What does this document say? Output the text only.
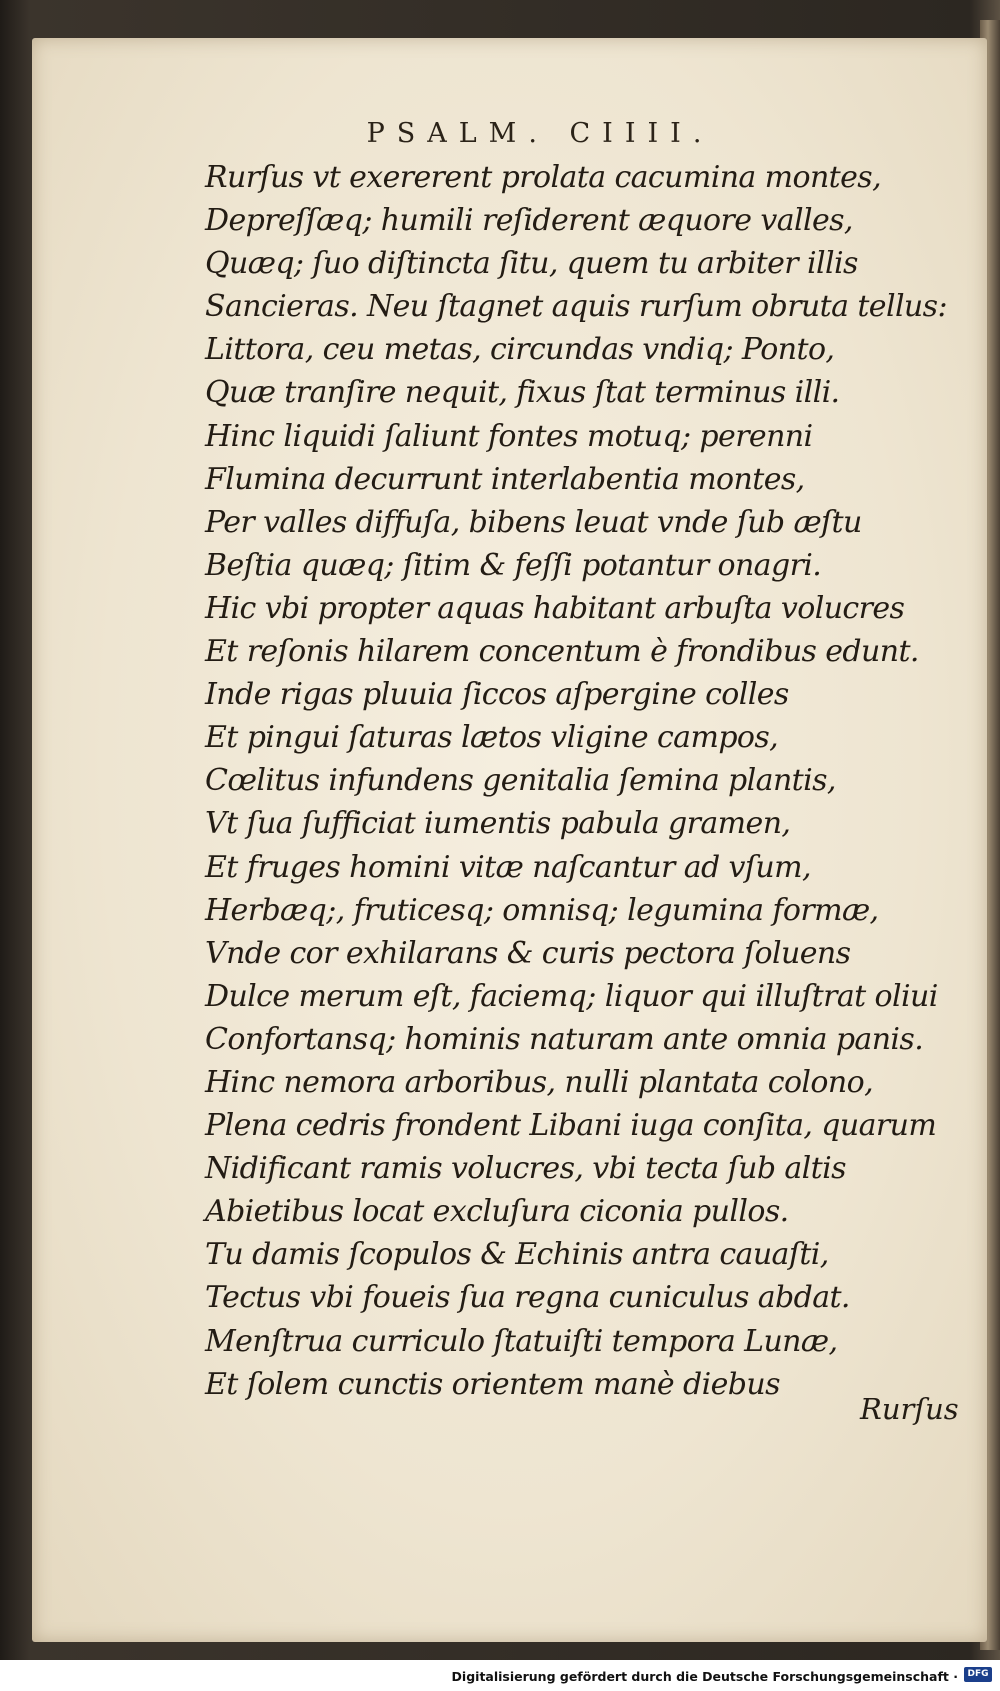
PSALM. CIIII.
Rurſus vt exererent prolata cacumina montes,
Depreſſæq; humili reſiderent æquore valles,
Quæq; ſuo diſtincta ſitu, quem tu arbiter illis
Sancieras. Neu ſtagnet aquis rurſum obruta tellus:
Littora, ceu metas, circundas vndiq; Ponto,
Quæ tranſire nequit, fixus ſtat terminus illi.
Hinc liquidi ſaliunt fontes motuq; perenni
Flumina decurrunt interlabentia montes,
Per valles diffuſa, bibens leuat vnde ſub æſtu
Beſtia quæq; ſitim & feſſi potantur onagri.
Hic vbi propter aquas habitant arbuſta volucres
Et reſonis hilarem concentum è frondibus edunt.
Inde rigas pluuia ſiccos aſpergine colles
Et pingui ſaturas lætos vligine campos,
Cœlitus infundens genitalia ſemina plantis,
Vt ſua ſufficiat iumentis pabula gramen,
Et fruges homini vitæ naſcantur ad vſum,
Herbæq;, fruticesq; omnisq; legumina formæ,
Vnde cor exhilarans & curis pectora ſoluens
Dulce merum eſt, faciemq; liquor qui illuſtrat oliui
Confortansq; hominis naturam ante omnia panis.
Hinc nemora arboribus, nulli plantata colono,
Plena cedris frondent Libani iuga conſita, quarum
Nidificant ramis volucres, vbi tecta ſub altis
Abietibus locat excluſura ciconia pullos.
Tu damis ſcopulos & Echinis antra cauaſti,
Tectus vbi foueis ſua regna cuniculus abdat.
Menſtrua curriculo ſtatuiſti tempora Lunæ,
Et ſolem cunctis orientem manè diebus
Rurſus
Digitalisierung gefördert durch die Deutsche Forschungsgemeinschaft ·	DFG
